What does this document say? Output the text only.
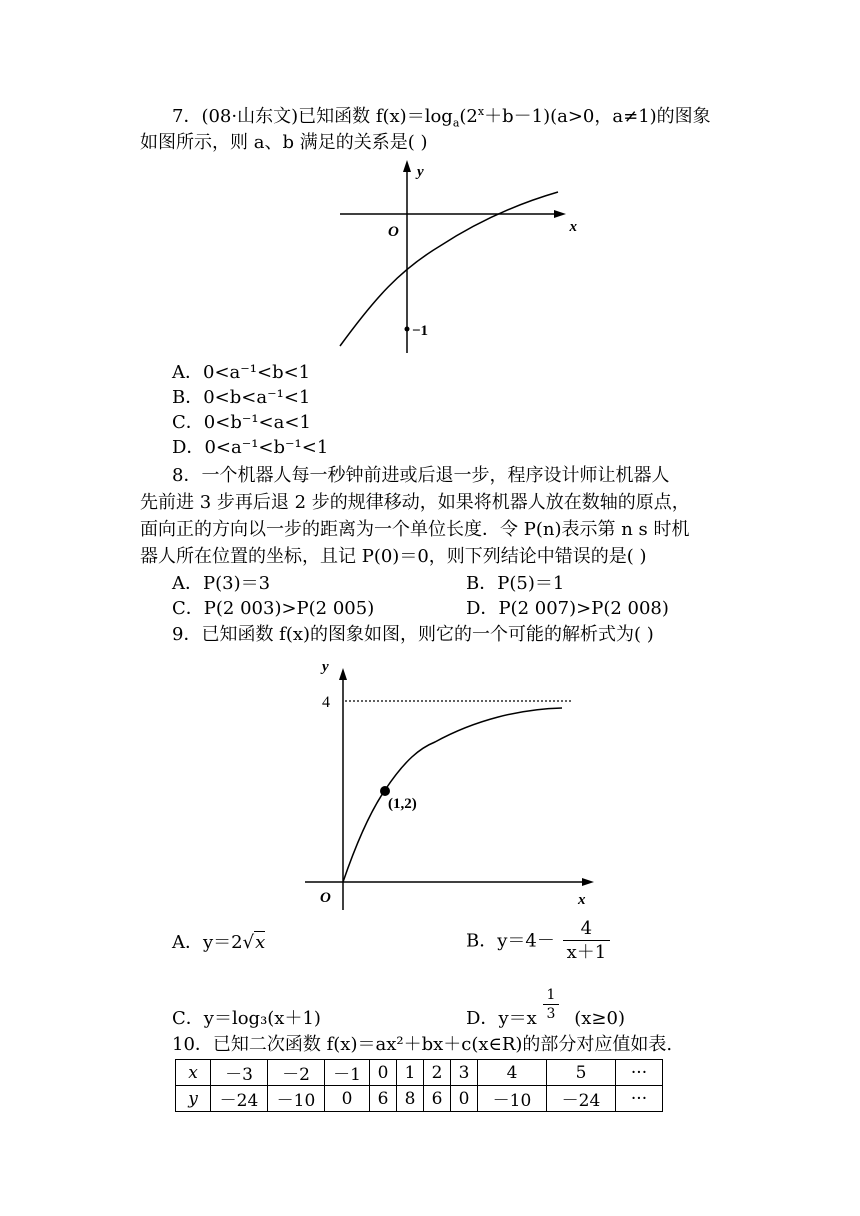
7．(08·山东文)已知函数 $f(x)=\log_a(2^x+b-1)(a>0$，a≠1)的图象
如图所示，则 a、b 满足的关系是( )
y
x
O
−1
A．0<a⁻¹<b<1
B．0<b<a⁻¹<1
C．0<b⁻¹<a<1
D．0<a⁻¹<b⁻¹<1
8．一个机器人每一秒钟前进或后退一步，程序设计师让机器人
先前进 3 步再后退 2 步的规律移动，如果将机器人放在数轴的原点，
面向正的方向以一步的距离为一个单位长度．令 P(n)表示第 n s 时机
器人所在位置的坐标，且记 P(0)＝0，则下列结论中错误的是( )
A．P(3)＝3	B．P(5)＝1
C．P(2 003)>P(2 005)	D．P(2 007)>P(2 008)
9．已知函数 f(x)的图象如图，则它的一个可能的解析式为( )
y
4
(1,2)
O	x
A．y＝2√x	B．$y=4- \frac{4}{x+1}$
C．y＝log₃(x＋1)	D．$y=x \frac{1}{3} (x\ge 0)$
10．已知二次函数 f(x)＝ax²＋bx＋c(x∈R)的部分对应值如表.
x	－3	－2	－1	0	1	2	3	4	5	···
y	－24	－10	0	6	8	6	0	－10	－24	···
